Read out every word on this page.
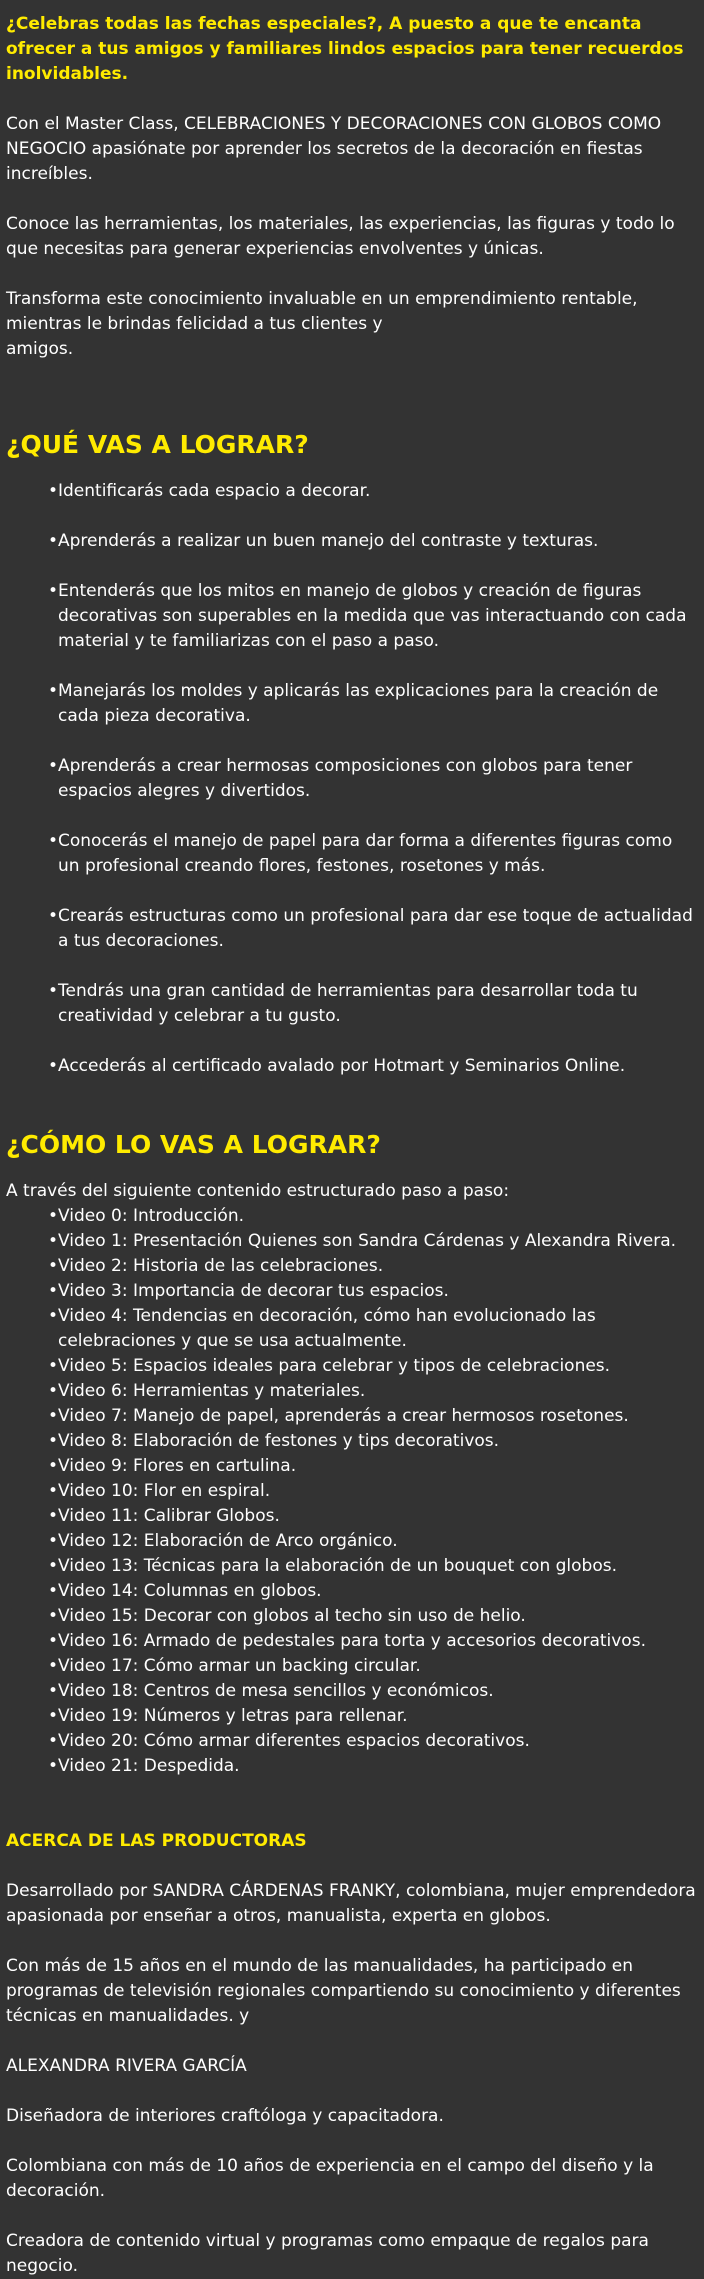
¿Celebras todas las fechas especiales?, A puesto a que te encanta ofrecer a tus amigos y familiares lindos espacios para tener recuerdos inolvidables.

Con el Master Class, CELEBRACIONES Y DECORACIONES CON GLOBOS COMO NEGOCIO apasiónate por aprender los secretos de la decoración en fiestas increíbles.

Conoce las herramientas, los materiales, las experiencias, las figuras y todo lo que necesitas para generar experiencias envolventes y únicas.

Transforma este conocimiento invaluable en un emprendimiento rentable,
mientras le brindas felicidad a tus clientes y
amigos.

¿QUÉ VAS A LOGRAR?
• Identificarás cada espacio a decorar.
• Aprenderás a realizar un buen manejo del contraste y texturas.
• Entenderás que los mitos en manejo de globos y creación de figuras decorativas son superables en la medida que vas interactuando con cada material y te familiarizas con el paso a paso.
• Manejarás los moldes y aplicarás las explicaciones para la creación de cada pieza decorativa.
• Aprenderás a crear hermosas composiciones con globos para tener espacios alegres y divertidos.
• Conocerás el manejo de papel para dar forma a diferentes figuras como un profesional creando flores, festones, rosetones y más.
• Crearás estructuras como un profesional para dar ese toque de actualidad a tus decoraciones.
• Tendrás una gran cantidad de herramientas para desarrollar toda tu creatividad y celebrar a tu gusto.
• Accederás al certificado avalado por Hotmart y Seminarios Online.
¿CÓMO LO VAS A LOGRAR?

A través del siguiente contenido estructurado paso a paso:

• Video 0: Introducción.
• Video 1: Presentación Quienes son Sandra Cárdenas y Alexandra Rivera.
• Video 2: Historia de las celebraciones.
• Video 3: Importancia de decorar tus espacios.
• Video 4: Tendencias en decoración, cómo han evolucionado las celebraciones y que se usa actualmente.
• Video 5: Espacios ideales para celebrar y tipos de celebraciones.
• Video 6: Herramientas y materiales.
• Video 7: Manejo de papel, aprenderás a crear hermosos rosetones.
• Video 8: Elaboración de festones y tips decorativos.
• Video 9: Flores en cartulina.
• Video 10: Flor en espiral.
• Video 11: Calibrar Globos.
• Video 12: Elaboración de Arco orgánico.
• Video 13: Técnicas para la elaboración de un bouquet con globos.
• Video 14: Columnas en globos.
• Video 15: Decorar con globos al techo sin uso de helio.
• Video 16: Armado de pedestales para torta y accesorios decorativos.
• Video 17: Cómo armar un backing circular.
• Video 18: Centros de mesa sencillos y económicos.
• Video 19: Números y letras para rellenar.
• Video 20: Cómo armar diferentes espacios decorativos.
• Video 21: Despedida.
ACERCA DE LAS PRODUCTORAS

Desarrollado por SANDRA CÁRDENAS FRANKY, colombiana, mujer emprendedora apasionada por enseñar a otros, manualista, experta en globos.

Con más de 15 años en el mundo de las manualidades, ha participado en programas de televisión regionales compartiendo su conocimiento y diferentes técnicas en manualidades. y

ALEXANDRA RIVERA GARCÍA

Diseñadora de interiores craftóloga y capacitadora.

Colombiana con más de 10 años de experiencia en el campo del diseño y la decoración.

Creadora de contenido virtual y programas como empaque de regalos para negocio.
